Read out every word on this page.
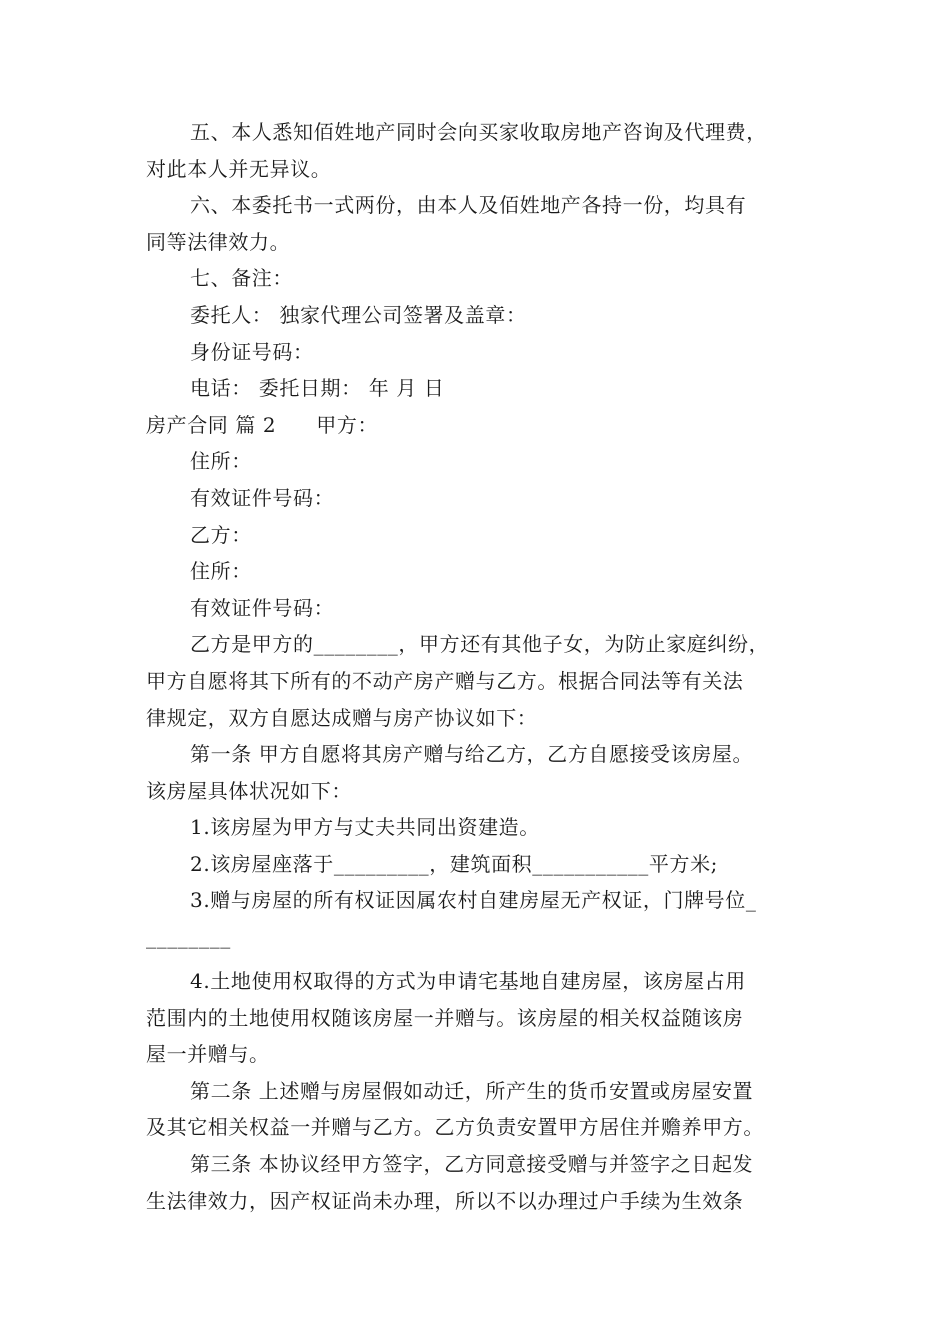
五、本人悉知佰姓地产同时会向买家收取房地产咨询及代理费，
对此本人并无异议。
六、本委托书一式两份，由本人及佰姓地产各持一份，均具有
同等法律效力。
七、备注：
委托人： 独家代理公司签署及盖章：
身份证号码：
电话： 委托日期： 年 月 日
房产合同 篇 2 甲方：
住所：
有效证件号码：
乙方：
住所：
有效证件号码：
乙方是甲方的________，甲方还有其他子女，为防止家庭纠纷，
甲方自愿将其下所有的不动产房产赠与乙方。根据合同法等有关法
律规定，双方自愿达成赠与房产协议如下：
第一条 甲方自愿将其房产赠与给乙方，乙方自愿接受该房屋。
该房屋具体状况如下：
1.该房屋为甲方与丈夫共同出资建造。
2.该房屋座落于_________，建筑面积___________平方米;
3.赠与房屋的所有权证因属农村自建房屋无产权证，门牌号位_
________
4.土地使用权取得的方式为申请宅基地自建房屋，该房屋占用
范围内的土地使用权随该房屋一并赠与。该房屋的相关权益随该房
屋一并赠与。
第二条 上述赠与房屋假如动迁，所产生的货币安置或房屋安置
及其它相关权益一并赠与乙方。乙方负责安置甲方居住并赡养甲方。
第三条 本协议经甲方签字，乙方同意接受赠与并签字之日起发
生法律效力，因产权证尚未办理，所以不以办理过户手续为生效条
